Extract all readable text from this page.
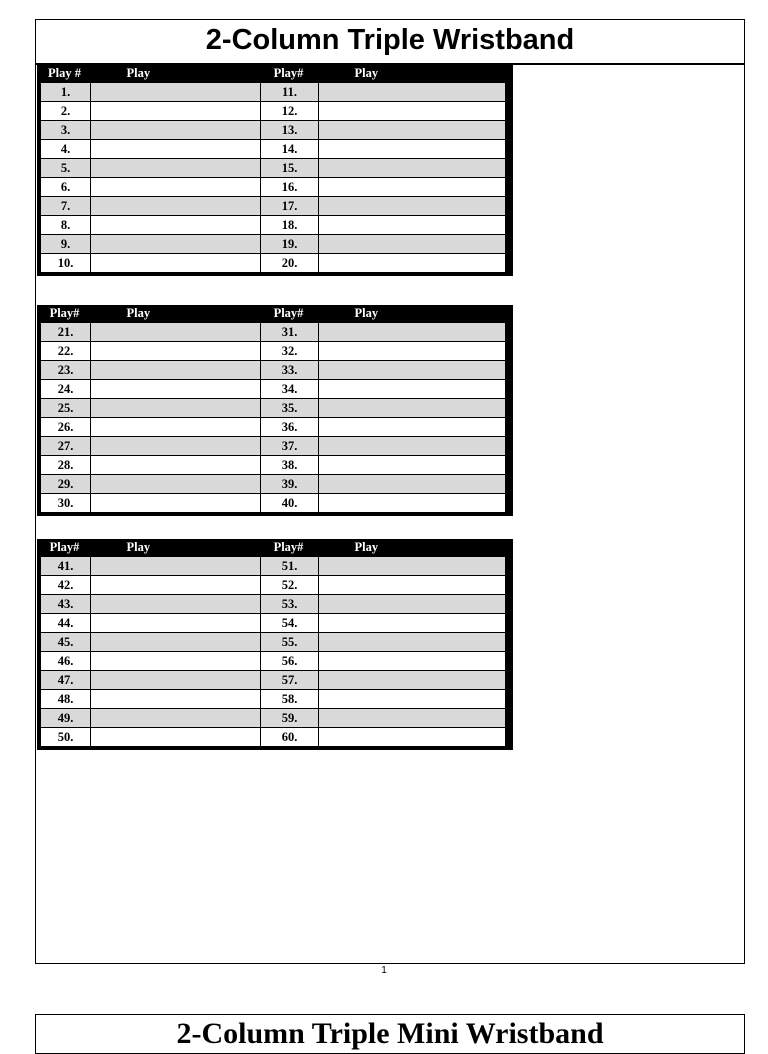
2-Column Triple Wristband
Play #	Play	Play#	Play
1.		11.	
2.		12.	
3.		13.	
4.		14.	
5.		15.	
6.		16.	
7.		17.	
8.		18.	
9.		19.	
10.		20.	
Play#	Play	Play#	Play
21.		31.	
22.		32.	
23.		33.	
24.		34.	
25.		35.	
26.		36.	
27.		37.	
28.		38.	
29.		39.	
30.		40.	
Play#	Play	Play#	Play
41.		51.	
42.		52.	
43.		53.	
44.		54.	
45.		55.	
46.		56.	
47.		57.	
48.		58.	
49.		59.	
50.		60.	
1
2-Column Triple Mini Wristband
